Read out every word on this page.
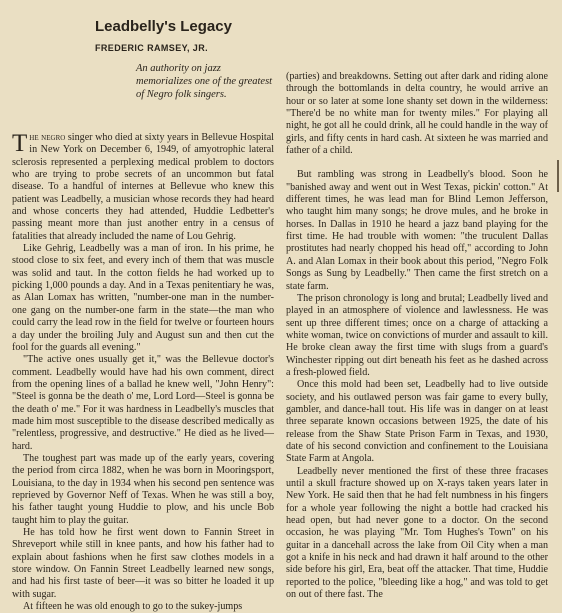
Leadbelly's Legacy
FREDERIC RAMSEY, JR.
An authority on jazz memorializes one of the greatest of Negro folk singers.

The negro singer who died at sixty years in Bellevue Hospital in New York on December 6, 1949, of amyotrophic lateral sclerosis represented a perplexing medical problem to doctors who are trying to probe secrets of an uncommon but fatal disease. To a handful of internes at Bellevue who knew this patient was Leadbelly, a musician whose records they had heard and whose concerts they had attended, Huddie Ledbetter's passing meant more than just another entry in a census of fatalities that already included the name of Lou Gehrig.

Like Gehrig, Leadbelly was a man of iron. In his prime, he stood close to six feet, and every inch of them that was muscle was solid and taut. In the cotton fields he had worked up to picking 1,000 pounds a day. And in a Texas penitentiary he was, as Alan Lomax has written, "number-one man in the number-one gang on the number-one farm in the state—the man who could carry the lead row in the field for twelve or fourteen hours a day under the broiling July and August sun and then cut the fool for the guards all evening."

"The active ones usually get it," was the Bellevue doctor's comment. Leadbelly would have had his own comment, direct from the opening lines of a ballad he knew well, "John Henry": "Steel is gonna be the death o' me, Lord Lord—Steel is gonna be the death o' me." For it was hardness in Leadbelly's muscles that made him most susceptible to the disease described medically as "relentless, progressive, and destructive." He died as he lived—hard.

The toughest part was made up of the early years, covering the period from circa 1882, when he was born in Mooringsport, Louisiana, to the day in 1934 when his second pen sentence was reprieved by Governor Neff of Texas. When he was still a boy, his father taught young Huddie to plow, and his uncle Bob taught him to play the guitar.

He has told how he first went down to Fannin Street in Shreveport while still in knee pants, and how his father had to explain about fashions when he first saw clothes models in a store window. On Fannin Street Leadbelly learned new songs, and had his first taste of beer—it was so bitter he loaded it up with sugar.

At fifteen he was old enough to go to the sukey-jumps

(parties) and breakdowns. Setting out after dark and riding alone through the bottomlands in delta country, he would arrive an hour or so later at some lone shanty set down in the wilderness: "There'd be no white man for twenty miles." For playing all night, he got all he could drink, all he could handle in the way of girls, and fifty cents in hard cash. At sixteen he was married and father of a child.

But rambling was strong in Leadbelly's blood. Soon he "banished away and went out in West Texas, pickin' cotton." At different times, he was lead man for Blind Lemon Jefferson, who taught him many songs; he drove mules, and he broke in horses. In Dallas in 1910 he heard a jazz band playing for the first time. He had trouble with women: "the truculent Dallas prostitutes had nearly chopped his head off," according to John A. and Alan Lomax in their book about this period, "Negro Folk Songs as Sung by Leadbelly." Then came the first stretch on a state farm.

The prison chronology is long and brutal; Leadbelly lived and played in an atmosphere of violence and lawlessness. He was sent up three different times; once on a charge of attacking a white woman, twice on convictions of murder and assault to kill. He broke clean away the first time with slugs from a guard's Winchester ripping out dirt beneath his feet as he dashed across a fresh-plowed field.

Once this mold had been set, Leadbelly had to live outside society, and his outlawed person was fair game to every bully, gambler, and dance-hall tout. His life was in danger on at least three separate known occasions between 1925, the date of his release from the Shaw State Prison Farm in Texas, and 1930, date of his second conviction and confinement to the Louisiana State Farm at Angola.

Leadbelly never mentioned the first of these three fracases until a skull fracture showed up on X-rays taken years later in New York. He said then that he had felt numbness in his fingers for a whole year following the night a bottle had cracked his head open, but had never gone to a doctor. On the second occasion, he was playing "Mr. Tom Hughes's Town" on his guitar in a dancehall across the lake from Oil City when a man got a knife in his neck and had drawn it half around to the other side before his girl, Era, beat off the attacker. That time, Huddie reported to the police, "bleeding like a hog," and was told to get on out of there fast. The
